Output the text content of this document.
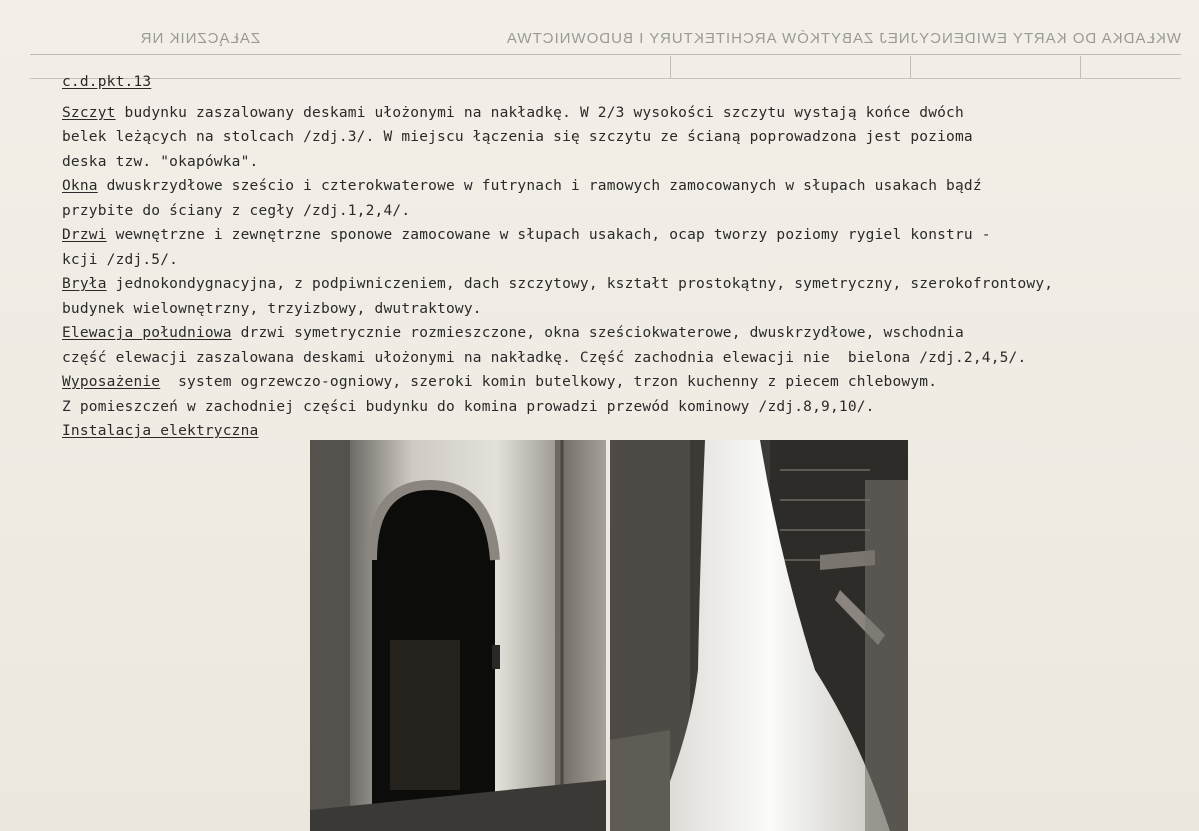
WKŁADKA DO KARTY EWIDENCYJNEJ ZABYTKÓW ARCHITEKTURY I BUDOWNICTWA
ZAŁĄCZNIK NR
c.d.pkt.13
Szczyt budynku zaszalowany deskami ułożonymi na nakładkę. W 2/3 wysokości szczytu wystają końce dwóch
belek leżących na stolcach /zdj.3/. W miejscu łączenia się szczytu ze ścianą poprowadzona jest pozioma
deska tzw. "okapówka".
Okna dwuskrzydłowe sześcio i czterokwaterowe w futrynach i ramowych zamocowanych w słupach usakach bądź
przybite do ściany z cegły /zdj.1,2,4/.
Drzwi wewnętrzne i zewnętrzne sponowe zamocowane w słupach usakach, ocap tworzy poziomy rygiel konstru -
kcji /zdj.5/.
Bryła jednokondygnacyjna, z podpiwniczeniem, dach szczytowy, kształt prostokątny, symetryczny, szerokofrontowy,
budynek wielownętrzny, trzyizbowy, dwutraktowy.
Elewacja południowa drzwi symetrycznie rozmieszczone, okna sześciokwaterowe, dwuskrzydłowe, wschodnia
część elewacji zaszalowana deskami ułożonymi na nakładkę. Część zachodnia elewacji nie  bielona /zdj.2,4,5/.
Wyposażenie  system ogrzewczo-ogniowy, szeroki komin butelkowy, trzon kuchenny z piecem chlebowym.
Z pomieszczeń w zachodniej części budynku do komina prowadzi przewód kominowy /zdj.8,9,10/.
Instalacja elektryczna
